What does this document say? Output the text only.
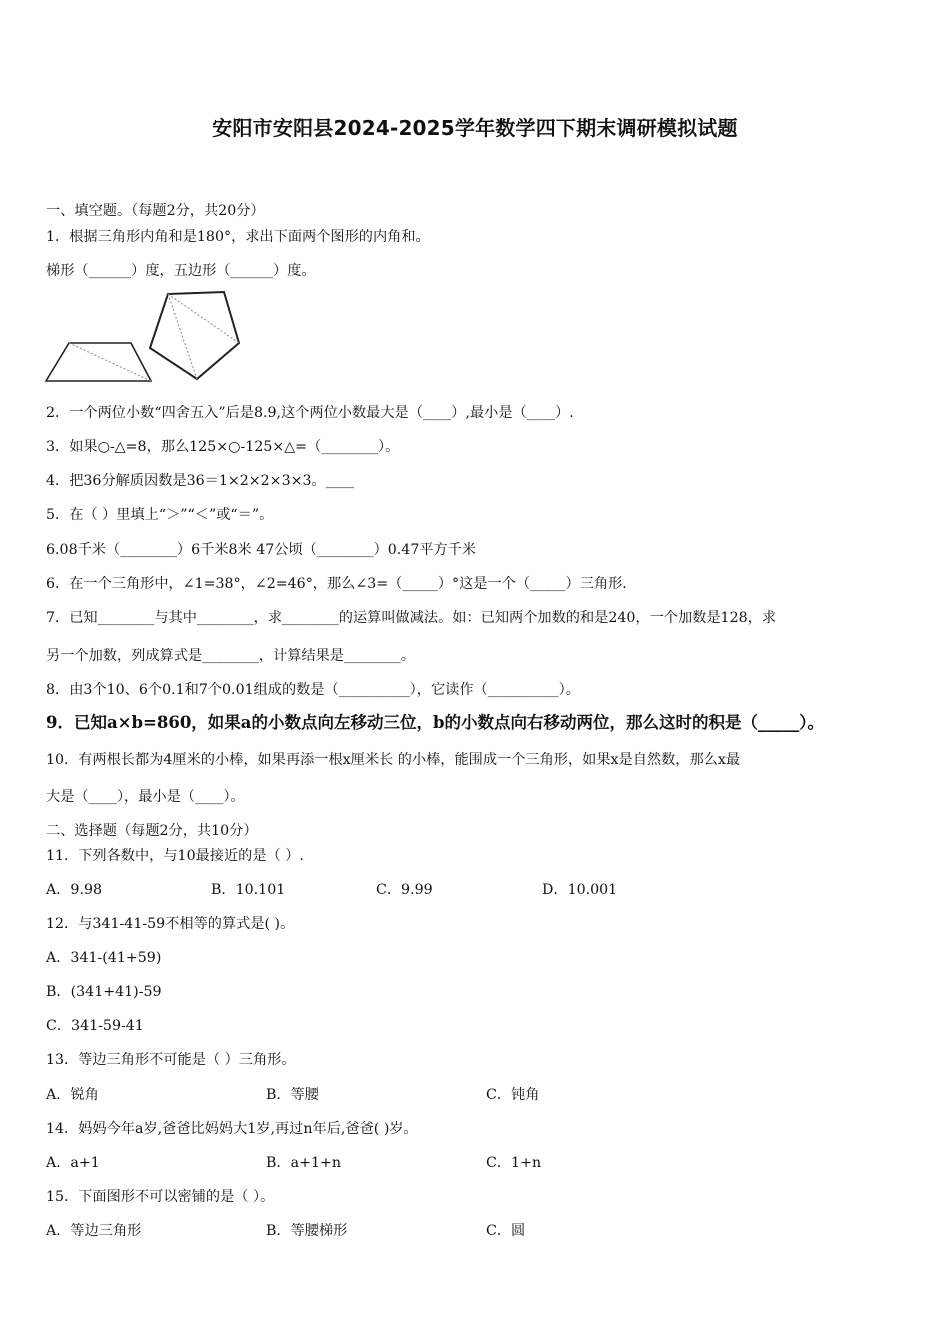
安阳市安阳县2024-2025学年数学四下期末调研模拟试题
一、填空题。（每题2分，共20分）
1．根据三角形内角和是180°，求出下面两个图形的内角和。
梯形（______）度，五边形（______）度。
2．一个两位小数“四舍五入”后是8.9,这个两位小数最大是（____）,最小是（____）.
3．如果○-△=8，那么125×○-125×△=（________）。
4．把36分解质因数是36＝1×2×2×3×3。____
5．在（ ）里填上“＞”“＜”或“＝”。
6.08千米（________）6千米8米 47公顷（________）0.47平方千米
6．在一个三角形中，∠1=38°，∠2=46°，那么∠3=（_____）°这是一个（_____）三角形.
7．已知________与其中________，求________的运算叫做减法。如：已知两个加数的和是240，一个加数是128，求
另一个加数，列成算式是________，计算结果是________。
8．由3个10、6个0.1和7个0.01组成的数是（__________），它读作（__________）。
9．已知a×b=860，如果a的小数点向左移动三位，b的小数点向右移动两位，那么这时的积是（_____）。
10．有两根长都为4厘米的小棒，如果再添一根x厘米长 的小棒，能围成一个三角形，如果x是自然数，那么x最
大是（____），最小是（____）。
二、选择题（每题2分，共10分）
11．下列各数中，与10最接近的是（ ）.
A．9.98	B．10.101	C．9.99	D．10.001
12．与341-41-59不相等的算式是( )。
A．341-(41+59)
B．(341+41)-59
C．341-59-41
13．等边三角形不可能是（ ）三角形。
A．锐角	B．等腰	C．钝角
14．妈妈今年a岁,爸爸比妈妈大1岁,再过n年后,爸爸( )岁。
A．a+1	B．a+1+n	C．1+n
15．下面图形不可以密铺的是（ ）。
A．等边三角形	B．等腰梯形	C．圆
